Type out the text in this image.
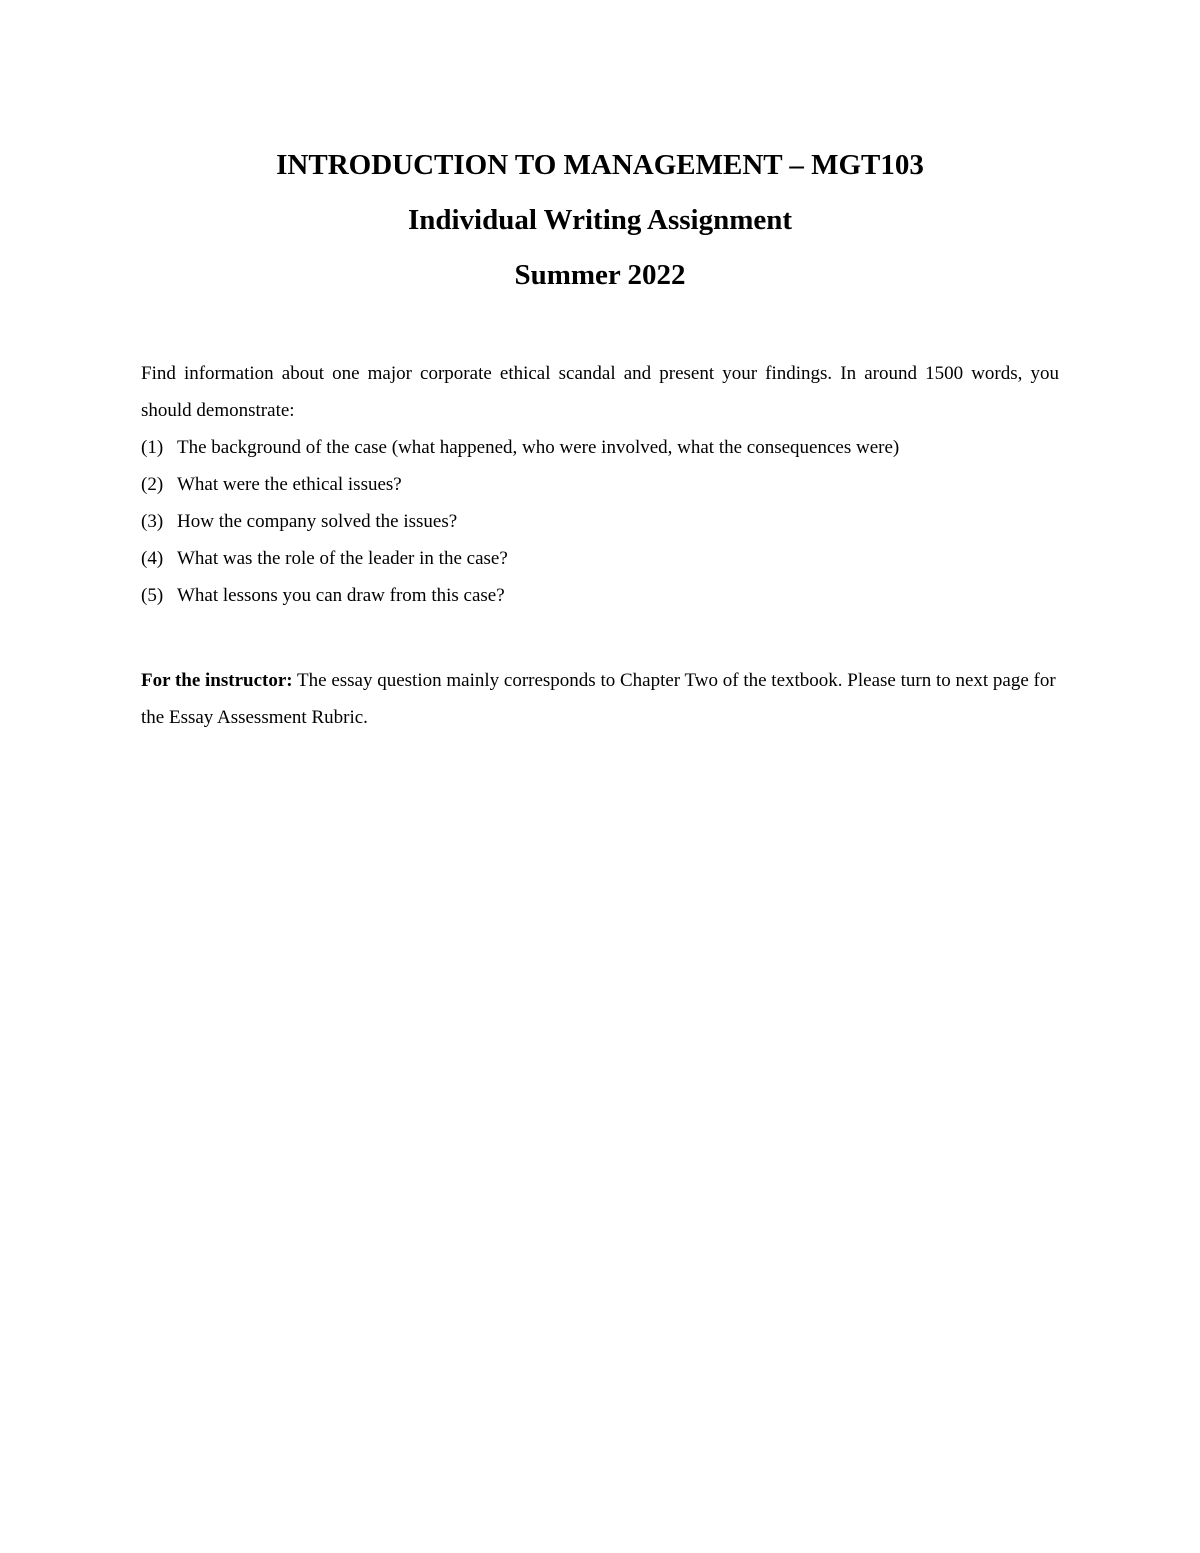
INTRODUCTION TO MANAGEMENT – MGT103

Individual Writing Assignment

Summer 2022

Find information about one major corporate ethical scandal and present your findings. In around 1500 words, you should demonstrate:

(1) The background of the case (what happened, who were involved, what the consequences were)
(2) What were the ethical issues?
(3) How the company solved the issues?
(4) What was the role of the leader in the case?
(5) What lessons you can draw from this case?

For the instructor: The essay question mainly corresponds to Chapter Two of the textbook. Please turn to next page for the Essay Assessment Rubric.
